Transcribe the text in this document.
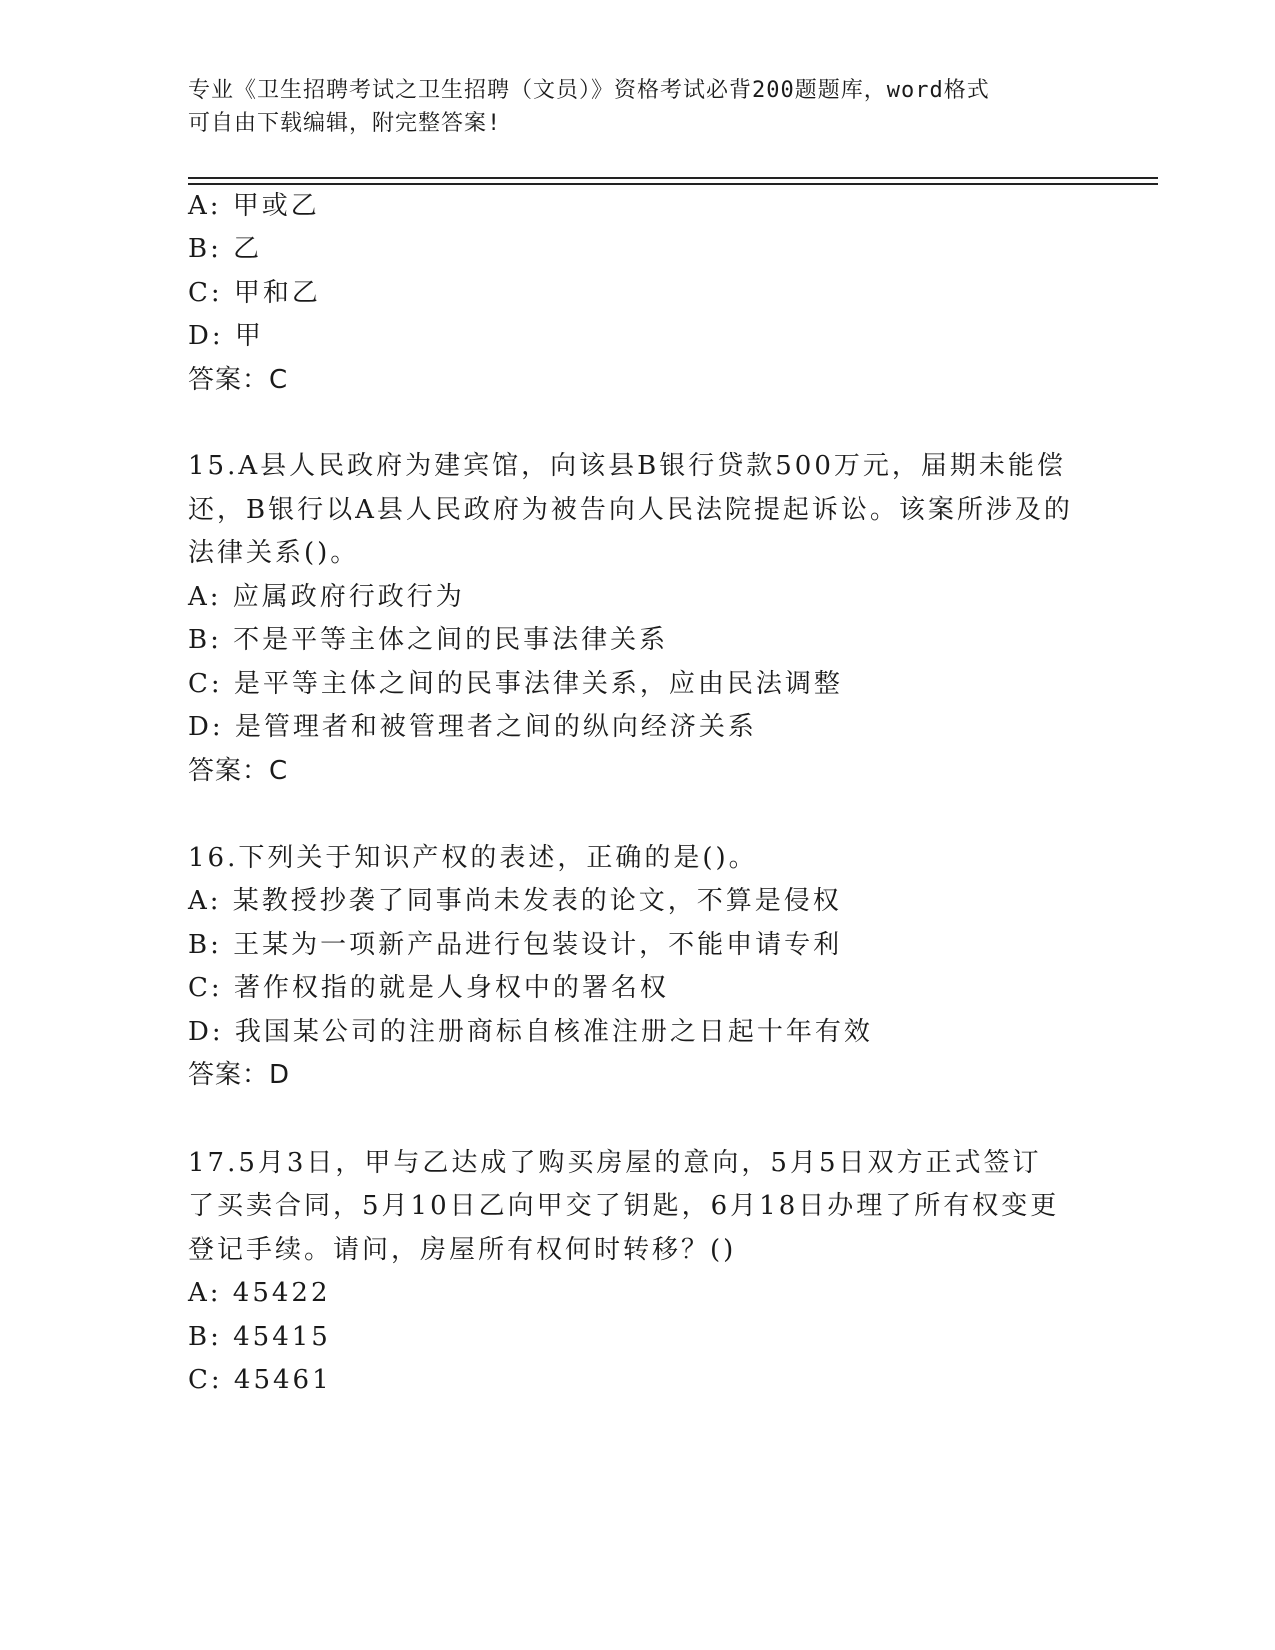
专业《卫生招聘考试之卫生招聘（文员）》资格考试必背200题题库，word格式
可自由下载编辑，附完整答案!
A: 甲或乙
B: 乙
C: 甲和乙
D: 甲
答案：C
15.A县人民政府为建宾馆，向该县B银行贷款500万元，届期未能偿
还，B银行以A县人民政府为被告向人民法院提起诉讼。该案所涉及的
法律关系()。
A: 应属政府行政行为
B: 不是平等主体之间的民事法律关系
C: 是平等主体之间的民事法律关系，应由民法调整
D: 是管理者和被管理者之间的纵向经济关系
答案：C
16.下列关于知识产权的表述，正确的是()。
A: 某教授抄袭了同事尚未发表的论文，不算是侵权
B: 王某为一项新产品进行包装设计，不能申请专利
C: 著作权指的就是人身权中的署名权
D: 我国某公司的注册商标自核准注册之日起十年有效
答案：D
17.5月3日，甲与乙达成了购买房屋的意向，5月5日双方正式签订
了买卖合同，5月10日乙向甲交了钥匙，6月18日办理了所有权变更
登记手续。请问，房屋所有权何时转移？()
A: 45422
B: 45415
C: 45461
